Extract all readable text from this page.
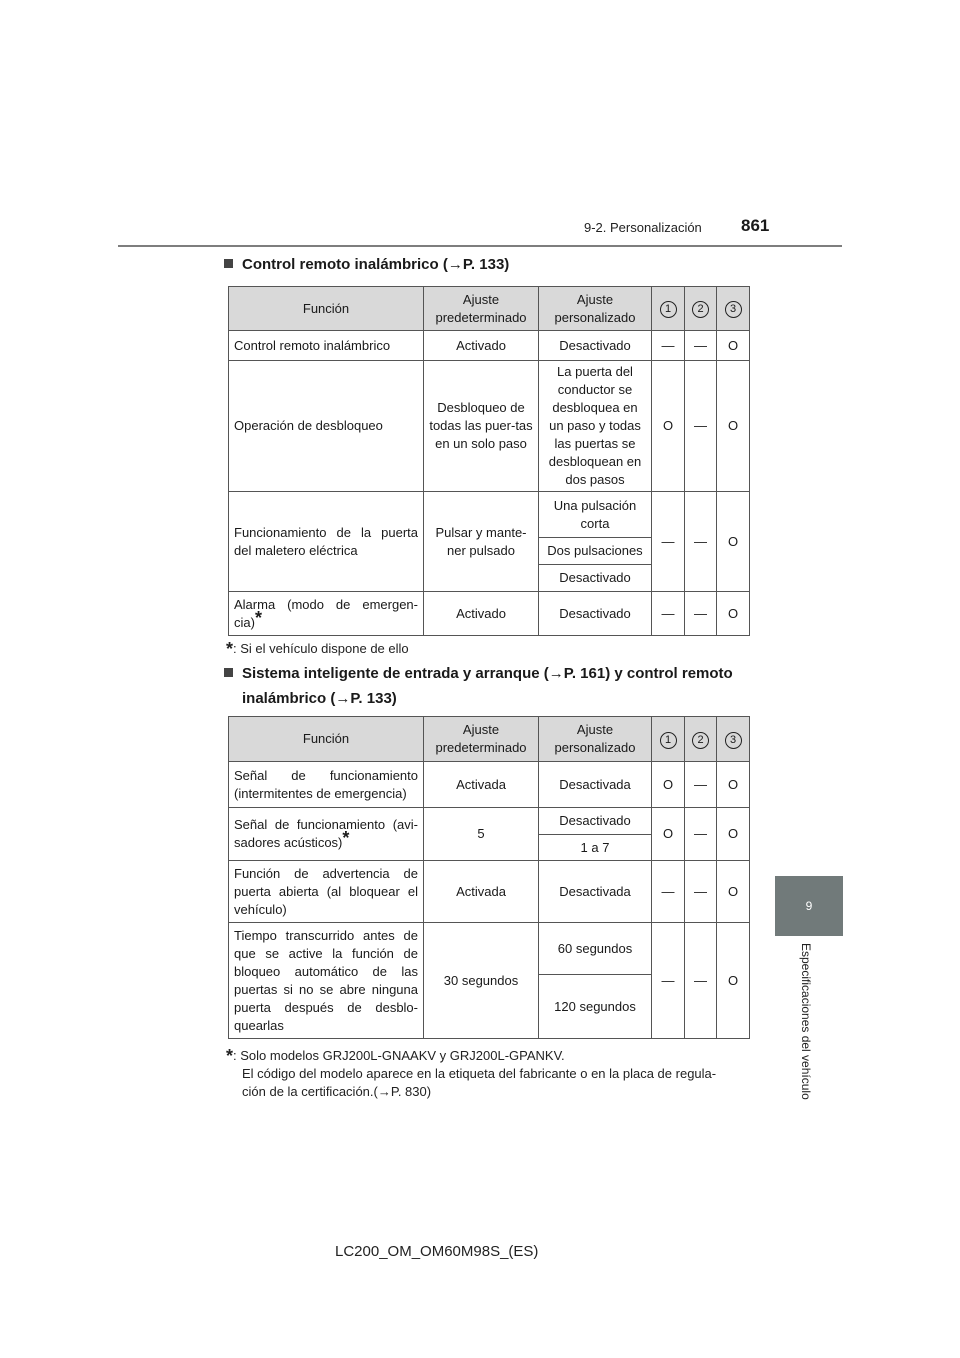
9-2. Personalización 861
Control remoto inalámbrico (→P. 133)
Función	Ajuste predeterminado	Ajuste personalizado	1	2	3
Control remoto inalámbrico	Activado	Desactivado	—	—	O
Operación de desbloqueo	Desbloqueo de todas las puer-tas en un solo paso	La puerta del conductor se desbloquea en un paso y todas las puertas se desbloquean en dos pasos	O	—	O
Funcionamiento de la puerta del maletero eléctrica	Pulsar y mante-ner pulsado	Una pulsación corta	—	—	O
		Dos pulsaciones			
		Desactivado			
Alarma (modo de emergen-cia)*	Activado	Desactivado	—	—	O
*: Si el vehículo dispone de ello
Sistema inteligente de entrada y arranque (→P. 161) y control remoto
inalámbrico (→P. 133)
Función	Ajuste predeterminado	Ajuste personalizado	1	2	3
Señal de funcionamiento (intermitentes de emergencia)	Activada	Desactivada	O	—	O
Señal de funcionamiento (avi-sadores acústicos)*	5	Desactivado	O	—	O
		1 a 7			
Función de advertencia de puerta abierta (al bloquear el vehículo)	Activada	Desactivada	—	—	O
Tiempo transcurrido antes de que se active la función de bloqueo automático de las puertas si no se abre ninguna puerta después de desblo-quearlas	30 segundos	60 segundos	—	—	O
		120 segundos			
*: Solo modelos GRJ200L-GNAAKV y GRJ200L-GPANKV.
El código del modelo aparece en la etiqueta del fabricante o en la placa de regula-
ción de la certificación.(→P. 830)
9
Especificaciones del vehículo
LC200_OM_OM60M98S_(ES)
